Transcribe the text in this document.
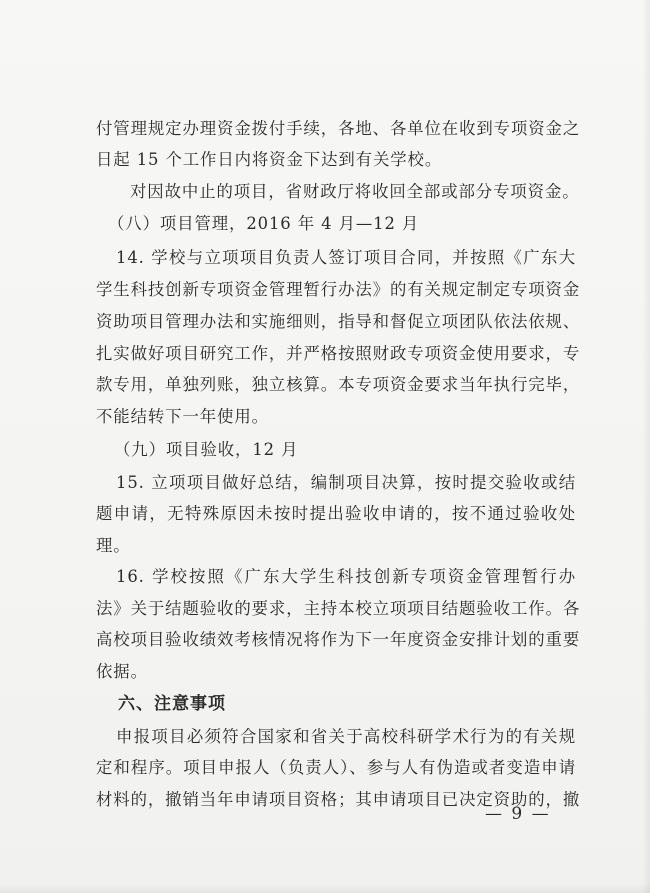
付管理规定办理资金拨付手续，各地、各单位在收到专项资金之
日起 15 个工作日内将资金下达到有关学校。
对因故中止的项目，省财政厅将收回全部或部分专项资金。
（八）项目管理，2016 年 4 月—12 月
14. 学校与立项项目负责人签订项目合同，并按照《广东大
学生科技创新专项资金管理暂行办法》的有关规定制定专项资金
资助项目管理办法和实施细则，指导和督促立项团队依法依规、
扎实做好项目研究工作，并严格按照财政专项资金使用要求，专
款专用，单独列账，独立核算。本专项资金要求当年执行完毕，
不能结转下一年使用。
（九）项目验收，12 月
15. 立项项目做好总结，编制项目决算，按时提交验收或结
题申请，无特殊原因未按时提出验收申请的，按不通过验收处
理。
16. 学校按照《广东大学生科技创新专项资金管理暂行办
法》关于结题验收的要求，主持本校立项项目结题验收工作。各
高校项目验收绩效考核情况将作为下一年度资金安排计划的重要
依据。
六、注意事项
申报项目必须符合国家和省关于高校科研学术行为的有关规
定和程序。项目申报人（负责人）、参与人有伪造或者变造申请
材料的，撤销当年申请项目资格；其申请项目已决定资助的，撤
— 9 —
